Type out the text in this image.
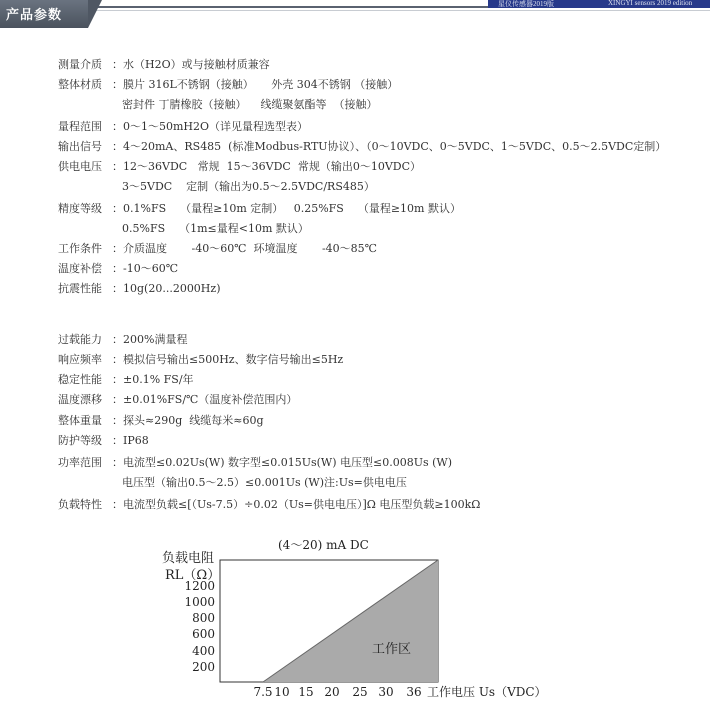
星仪传感器2019版	XINGYI sensors 2019 edition
产品参数
测量介质 ：水（H2O）或与接触材质兼容
整体材质 ：膜片 316L不锈钢（接触）     外壳 304不锈钢 （接触）
密封件 丁腈橡胶（接触）    线缆聚氨酯等  （接触）
量程范围 ：0～1～50mH2O（详见量程选型表）
输出信号 ：4～20mA、RS485  (标准Modbus-RTU协议）、（0～10VDC、0～5VDC、1～5VDC、0.5～2.5VDC定制）
供电电压 ：12～36VDC   常规  15～36VDC  常规（输出0～10VDC）
3～5VDC    定制（输出为0.5～2.5VDC/RS485）
精度等级 ：0.1%FS    （量程≥10m 定制）   0.25%FS    （量程≥10m 默认）
0.5%FS    （1m≤量程<10m 默认）
工作条件 ：介质温度       -40～60℃  环境温度       -40～85℃
温度补偿 ：-10～60℃
抗震性能 ：10g(20...2000Hz)
过载能力 ：200%满量程
响应频率 ：模拟信号输出≤500Hz、数字信号输出≤5Hz
稳定性能 ：±0.1% FS/年
温度漂移 ：±0.01%FS/℃（温度补偿范围内）
整体重量 ：探头≈290g  线缆每米≈60g
防护等级 ：IP68
功率范围 ：电流型≤0.02Us(W) 数字型≤0.015Us(W) 电压型≤0.008Us (W)
电压型（输出0.5～2.5）≤0.001Us (W)注:Us=供电电压
负载特性 ：电流型负载≤[（Us-7.5）÷0.02（Us=供电电压）]Ω 电压型负载≥100kΩ
负载电阻
RL（Ω）
(4～20) mA DC
1200
1000
800
600
400
200
7.5 10 15 20 25 30 36 工作电压 Us（VDC）
工作区
